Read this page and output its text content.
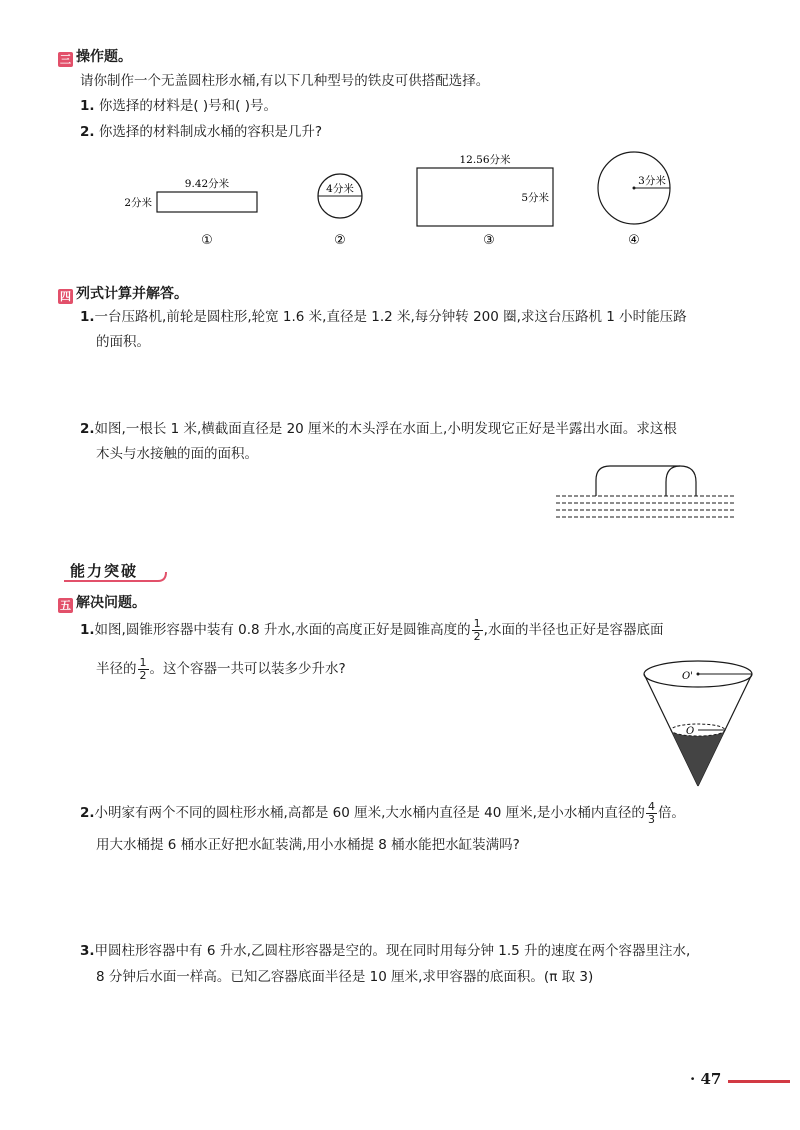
三 操作题。
请你制作一个无盖圆柱形水桶,有以下几种型号的铁皮可供搭配选择。
1. 你选择的材料是( )号和( )号。
2. 你选择的材料制成水桶的容积是几升?
9.42分米
2分米
①
4分米
②
12.56分米
5分米
③
3分米
④
四 列式计算并解答。
1.一台压路机,前轮是圆柱形,轮宽 1.6 米,直径是 1.2 米,每分钟转 200 圈,求这台压路机 1 小时能压路
的面积。
2.如图,一根长 1 米,横截面直径是 20 厘米的木头浮在水面上,小明发现它正好是半露出水面。求这根
木头与水接触的面的面积。
能力突破
五 解决问题。
1.如图,圆锥形容器中装有 0.8 升水,水面的高度正好是圆锥高度的 $\frac{1}{2}$ ,水面的半径也正好是容器底面
半径的 $\frac{1}{2}$ 。这个容器一共可以装多少升水?	O'
O
2.小明家有两个不同的圆柱形水桶,高都是 60 厘米,大水桶内直径是 40 厘米,是小水桶内直径的 $\frac{4}{3}$ 倍。
用大水桶提 6 桶水正好把水缸装满,用小水桶提 8 桶水能把水缸装满吗?
3.甲圆柱形容器中有 6 升水,乙圆柱形容器是空的。现在同时用每分钟 1.5 升的速度在两个容器里注水,
8 分钟后水面一样高。已知乙容器底面半径是 10 厘米,求甲容器的底面积。(π 取 3)
· 47
